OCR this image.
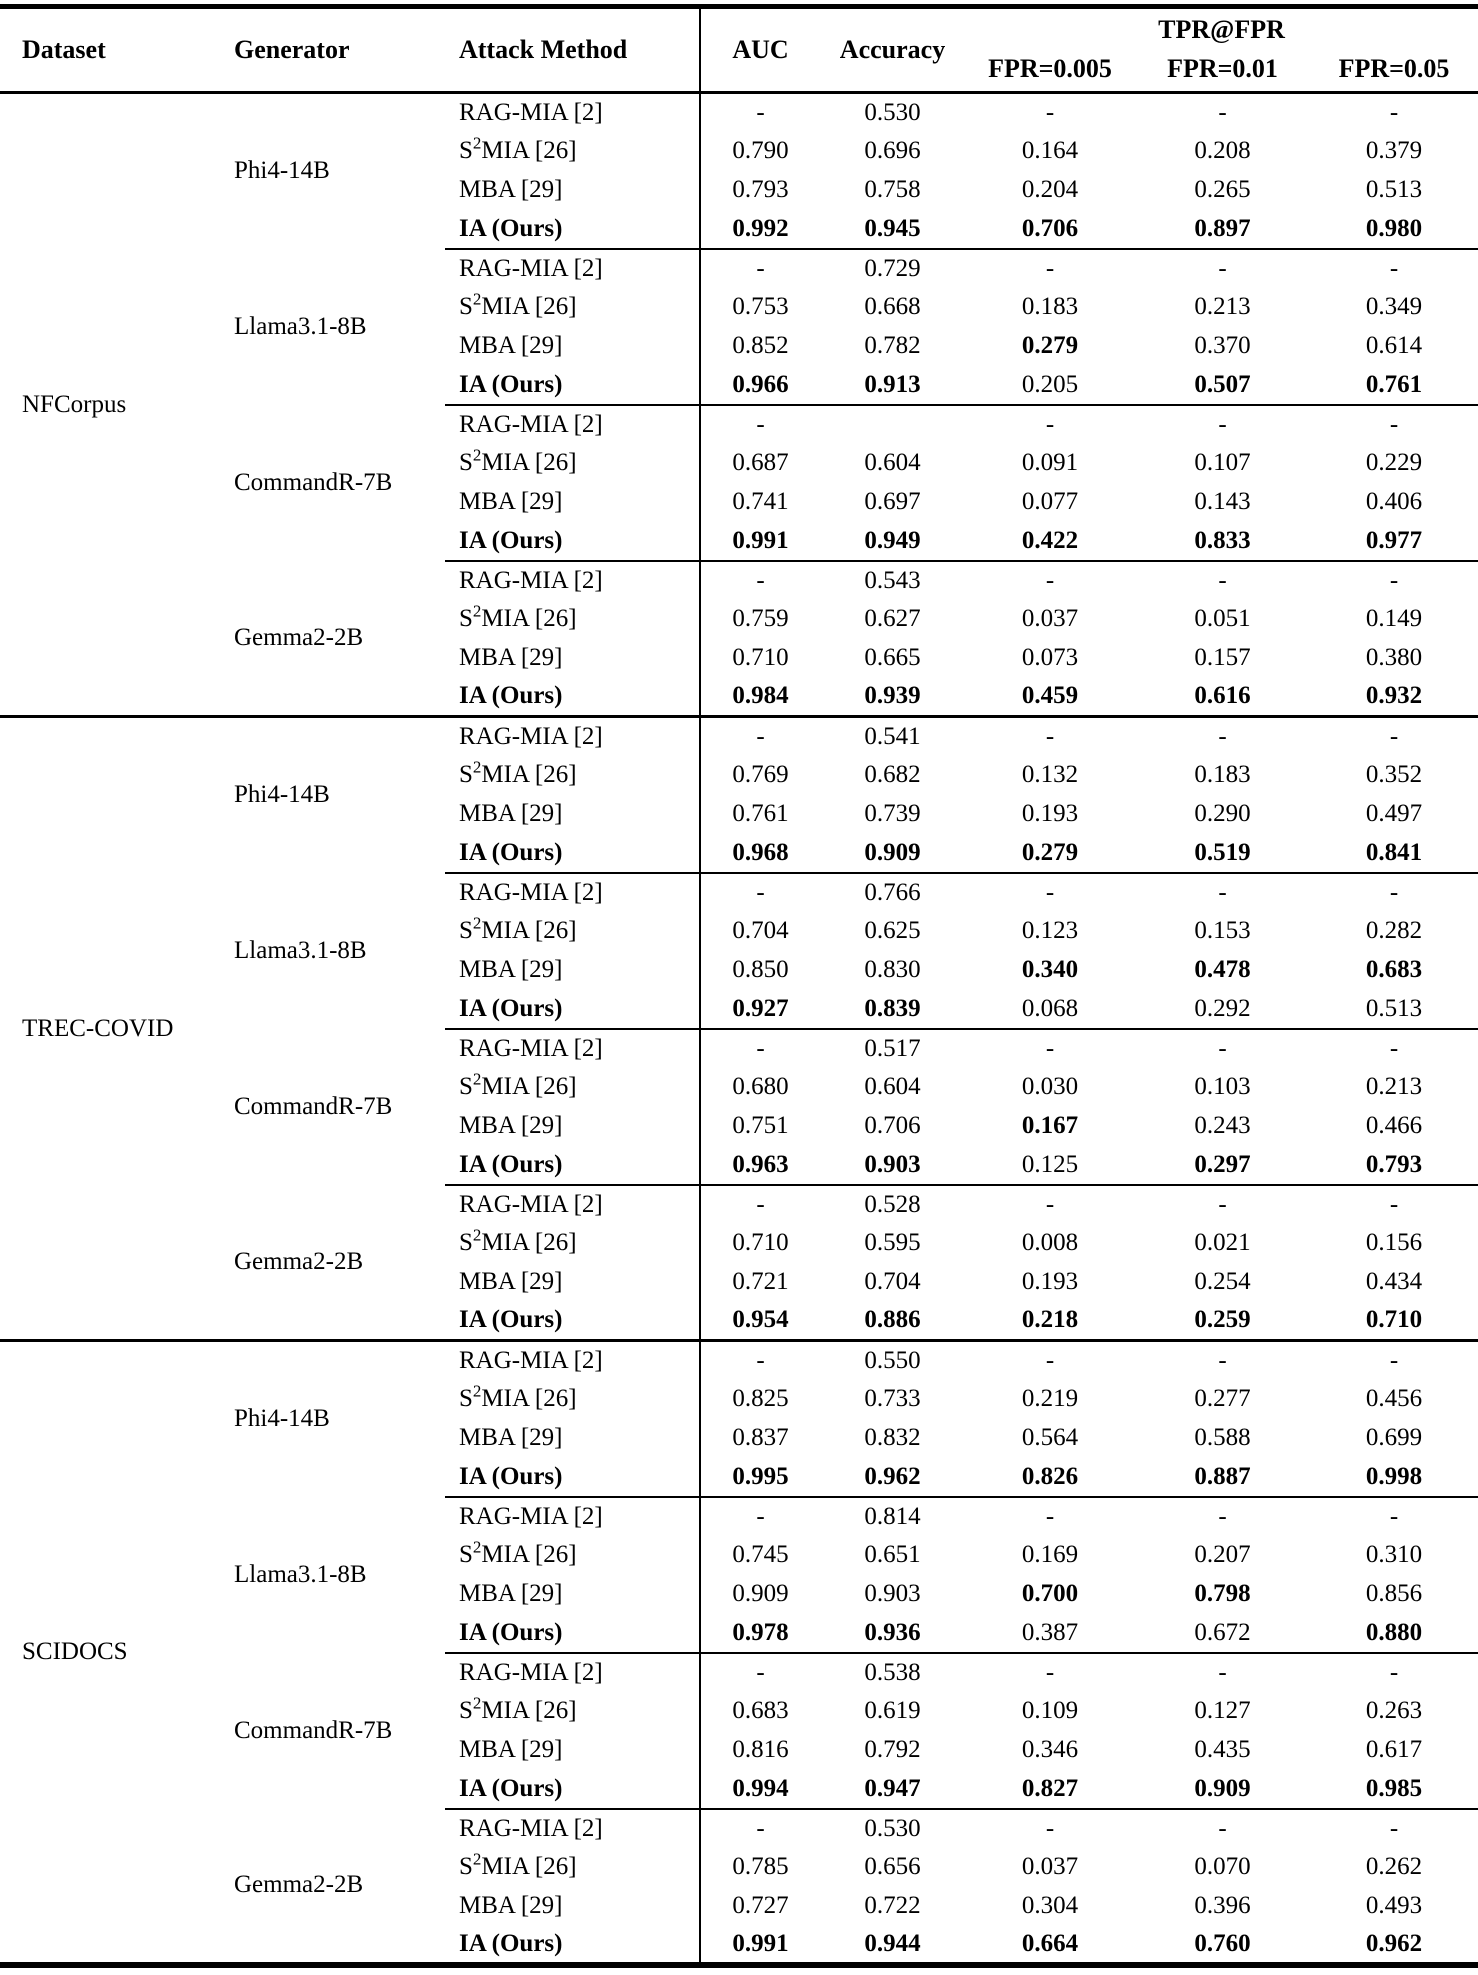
Dataset	Generator	Attack Method	AUC	Accuracy	TPR@FPR		
					FPR=0.005	FPR=0.01	FPR=0.05
NFCorpus	Phi4-14B	RAG-MIA [2]	-	0.530	-	-	-
		$S^2MIA$ [26]	0.790	0.696	0.164	0.208	0.379
		MBA [29]	0.793	0.758	0.204	0.265	0.513
		IA (Ours)	0.992	0.945	0.706	0.897	0.980
	Llama3.1-8B	RAG-MIA [2]	-	0.729	-	-	-
		$S^2MIA$ [26]	0.753	0.668	0.183	0.213	0.349
		MBA [29]	0.852	0.782	0.279	0.370	0.614
		IA (Ours)	0.966	0.913	0.205	0.507	0.761
	CommandR-7B	RAG-MIA [2]	-		-	-	-
		$S^2MIA$ [26]	0.687	0.604	0.091	0.107	0.229
		MBA [29]	0.741	0.697	0.077	0.143	0.406
		IA (Ours)	0.991	0.949	0.422	0.833	0.977
	Gemma2-2B	RAG-MIA [2]	-	0.543	-	-	-
		$S^2MIA$ [26]	0.759	0.627	0.037	0.051	0.149
		MBA [29]	0.710	0.665	0.073	0.157	0.380
		IA (Ours)	0.984	0.939	0.459	0.616	0.932
TREC-COVID	Phi4-14B	RAG-MIA [2]	-	0.541	-	-	-
		$S^2MIA$ [26]	0.769	0.682	0.132	0.183	0.352
		MBA [29]	0.761	0.739	0.193	0.290	0.497
		IA (Ours)	0.968	0.909	0.279	0.519	0.841
	Llama3.1-8B	RAG-MIA [2]	-	0.766	-	-	-
		$S^2MIA$ [26]	0.704	0.625	0.123	0.153	0.282
		MBA [29]	0.850	0.830	0.340	0.478	0.683
		IA (Ours)	0.927	0.839	0.068	0.292	0.513
	CommandR-7B	RAG-MIA [2]	-	0.517	-	-	-
		$S^2MIA$ [26]	0.680	0.604	0.030	0.103	0.213
		MBA [29]	0.751	0.706	0.167	0.243	0.466
		IA (Ours)	0.963	0.903	0.125	0.297	0.793
	Gemma2-2B	RAG-MIA [2]	-	0.528	-	-	-
		$S^2MIA$ [26]	0.710	0.595	0.008	0.021	0.156
		MBA [29]	0.721	0.704	0.193	0.254	0.434
		IA (Ours)	0.954	0.886	0.218	0.259	0.710
SCIDOCS	Phi4-14B	RAG-MIA [2]	-	0.550	-	-	-
		$S^2MIA$ [26]	0.825	0.733	0.219	0.277	0.456
		MBA [29]	0.837	0.832	0.564	0.588	0.699
		IA (Ours)	0.995	0.962	0.826	0.887	0.998
	Llama3.1-8B	RAG-MIA [2]	-	0.814	-	-	-
		$S^2MIA$ [26]	0.745	0.651	0.169	0.207	0.310
		MBA [29]	0.909	0.903	0.700	0.798	0.856
		IA (Ours)	0.978	0.936	0.387	0.672	0.880
	CommandR-7B	RAG-MIA [2]	-	0.538	-	-	-
		$S^2MIA$ [26]	0.683	0.619	0.109	0.127	0.263
		MBA [29]	0.816	0.792	0.346	0.435	0.617
		IA (Ours)	0.994	0.947	0.827	0.909	0.985
	Gemma2-2B	RAG-MIA [2]	-	0.530	-	-	-
		$S^2MIA$ [26]	0.785	0.656	0.037	0.070	0.262
		MBA [29]	0.727	0.722	0.304	0.396	0.493
		IA (Ours)	0.991	0.944	0.664	0.760	0.962
